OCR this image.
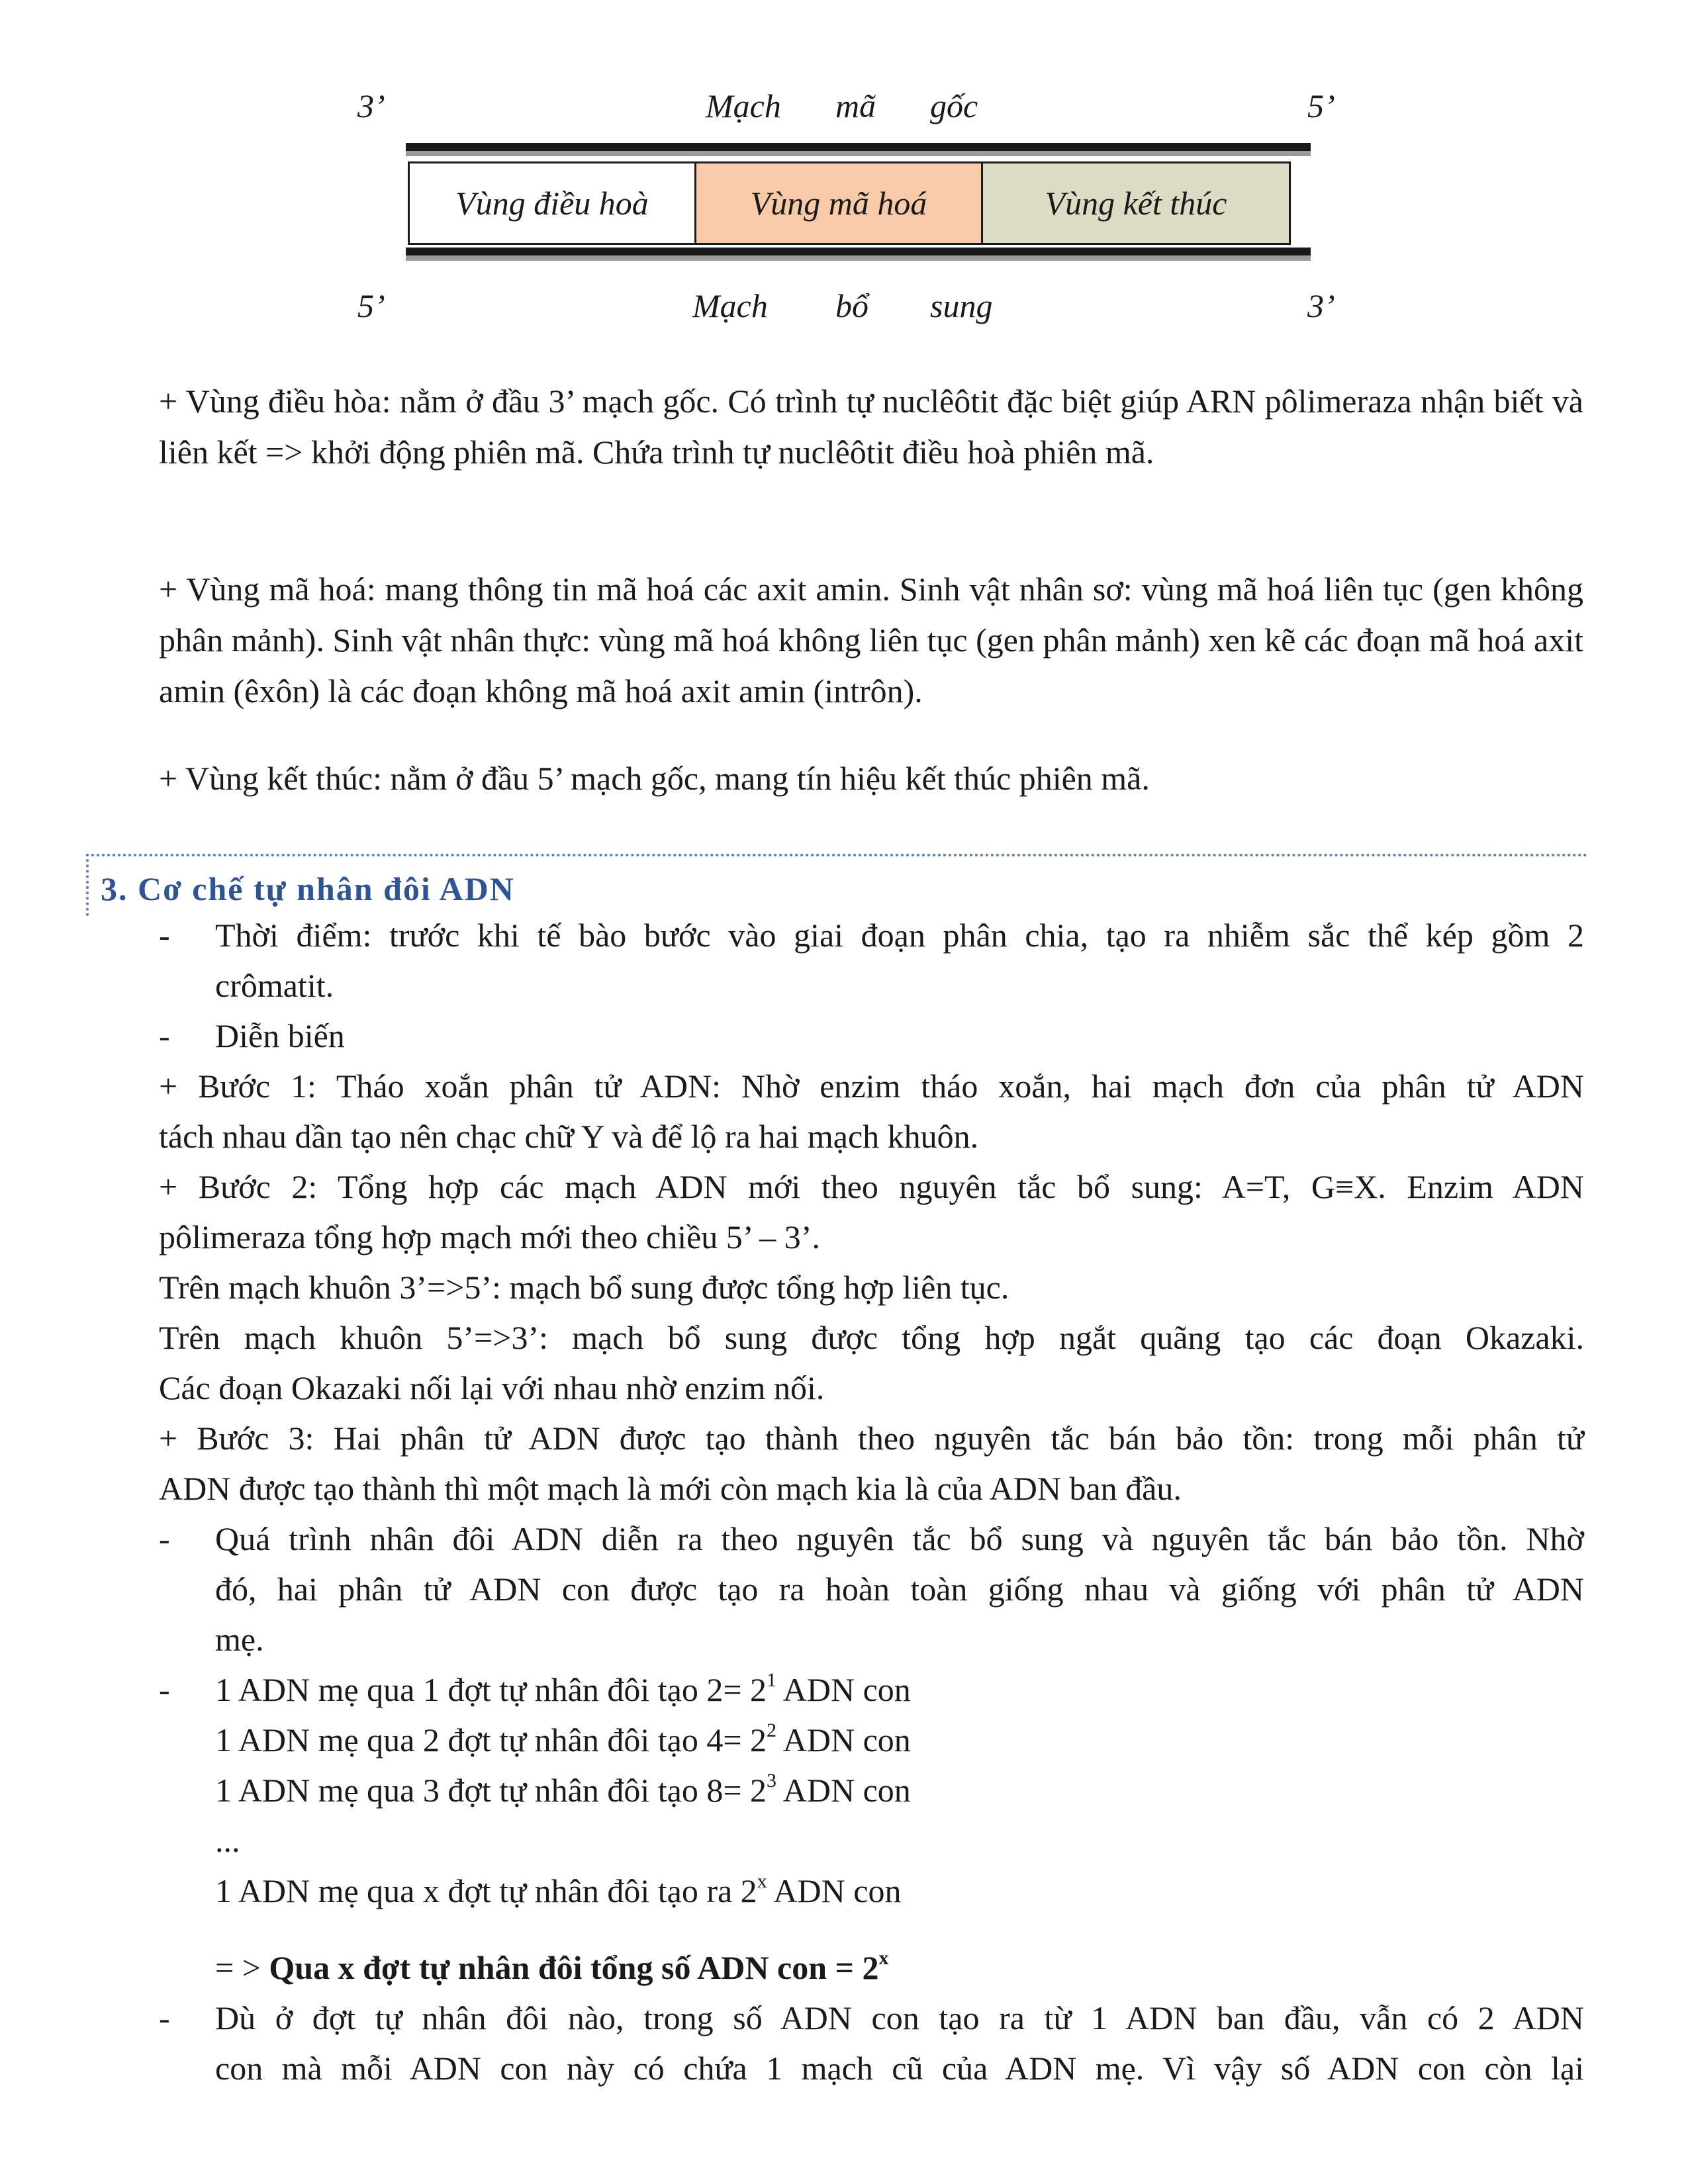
3’	Mạch mã gốc	5’
Vùng điều hoà	Vùng mã hoá	Vùng kết thúc
5’	Mạch bổ sung	3’

+ Vùng điều hòa: nằm ở đầu 3’ mạch gốc. Có trình tự nuclêôtit đặc biệt giúp ARN pôlimeraza nhận biết và liên kết => khởi động phiên mã. Chứa trình tự nuclêôtit điều hoà phiên mã.

+ Vùng mã hoá: mang thông tin mã hoá các axit amin. Sinh vật nhân sơ: vùng mã hoá liên tục (gen không phân mảnh). Sinh vật nhân thực: vùng mã hoá không liên tục (gen phân mảnh) xen kẽ các đoạn mã hoá axit amin (êxôn) là các đoạn không mã hoá axit amin (intrôn).

+ Vùng kết thúc: nằm ở đầu 5’ mạch gốc, mang tín hiệu kết thúc phiên mã.

3. Cơ chế tự nhân đôi ADN
- Thời điểm: trước khi tế bào bước vào giai đoạn phân chia, tạo ra nhiễm sắc thể kép gồm 2
crômatit.
- Diễn biến
+ Bước 1: Tháo xoắn phân tử ADN: Nhờ enzim tháo xoắn, hai mạch đơn của phân tử ADN
tách nhau dần tạo nên chạc chữ Y và để lộ ra hai mạch khuôn.
+ Bước 2: Tổng hợp các mạch ADN mới theo nguyên tắc bổ sung: A=T, G≡X. Enzim ADN
pôlimeraza tổng hợp mạch mới theo chiều 5’ – 3’.
Trên mạch khuôn 3’=>5’: mạch bổ sung được tổng hợp liên tục.
Trên mạch khuôn 5’=>3’: mạch bổ sung được tổng hợp ngắt quãng tạo các đoạn Okazaki.
Các đoạn Okazaki nối lại với nhau nhờ enzim nối.
+ Bước 3: Hai phân tử ADN được tạo thành theo nguyên tắc bán bảo tồn: trong mỗi phân tử
ADN được tạo thành thì một mạch là mới còn mạch kia là của ADN ban đầu.
- Quá trình nhân đôi ADN diễn ra theo nguyên tắc bổ sung và nguyên tắc bán bảo tồn. Nhờ
đó, hai phân tử ADN con được tạo ra hoàn toàn giống nhau và giống với phân tử ADN
mẹ.
- 1 ADN mẹ qua 1 đợt tự nhân đôi tạo $2= 2^1$ ADN con
1 ADN mẹ qua 2 đợt tự nhân đôi tạo $4= 2^2$ ADN con
1 ADN mẹ qua 3 đợt tự nhân đôi tạo $8= 2^3$ ADN con
...
1 ADN mẹ qua x đợt tự nhân đôi tạo ra 2$^x$ ADN con
= > Qua x đợt tự nhân đôi tổng số ADN con = $2^x$
- Dù ở đợt tự nhân đôi nào, trong số ADN con tạo ra từ 1 ADN ban đầu, vẫn có 2 ADN
con mà mỗi ADN con này có chứa 1 mạch cũ của ADN mẹ. Vì vậy số ADN con còn lại
